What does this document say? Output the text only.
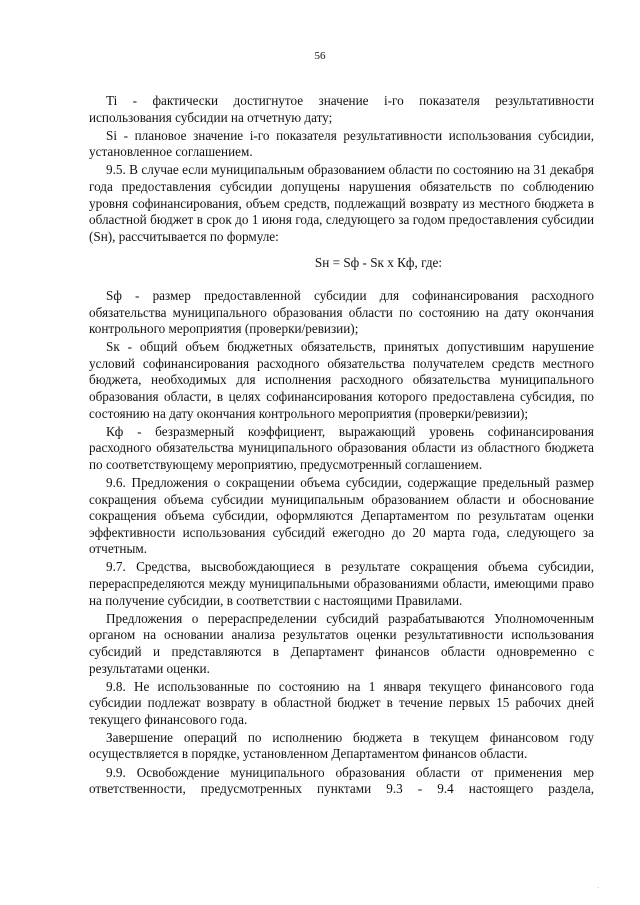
56

Ti - фактически достигнутое значение i-го показателя результативности использования субсидии на отчетную дату;

Si - плановое значение i-го показателя результативности использования субсидии, установленное соглашением.

9.5. В случае если муниципальным образованием области по состоянию на 31 декабря года предоставления субсидии допущены нарушения обязательств по соблюдению уровня софинансирования, объем средств, подлежащий возврату из местного бюджета в областной бюджет в срок до 1 июня года, следующего за годом предоставления субсидии (Sн), рассчитывается по формуле:

Sн = Sф - Sк х Кф, где:

Sф - размер предоставленной субсидии для софинансирования расходного обязательства муниципального образования области по состоянию на дату окончания контрольного мероприятия (проверки/ревизии);

Sк - общий объем бюджетных обязательств, принятых допустившим нарушение условий софинансирования расходного обязательства получателем средств местного бюджета, необходимых для исполнения расходного обязательства муниципального образования области, в целях софинансирования которого предоставлена субсидия, по состоянию на дату окончания контрольного мероприятия (проверки/ревизии);

Кф - безразмерный коэффициент, выражающий уровень софинансирования расходного обязательства муниципального образования области из областного бюджета по соответствующему мероприятию, предусмотренный соглашением.

9.6. Предложения о сокращении объема субсидии, содержащие предельный размер сокращения объема субсидии муниципальным образованием области и обоснование сокращения объема субсидии, оформляются Департаментом по результатам оценки эффективности использования субсидий ежегодно до 20 марта года, следующего за отчетным.

9.7. Средства, высвобождающиеся в результате сокращения объема субсидии, перераспределяются между муниципальными образованиями области, имеющими право на получение субсидии, в соответствии с настоящими Правилами.

Предложения о перераспределении субсидий разрабатываются Уполномоченным органом на основании анализа результатов оценки результативности использования субсидий и представляются в Департамент финансов области одновременно с результатами оценки.

9.8. Не использованные по состоянию на 1 января текущего финансового года субсидии подлежат возврату в областной бюджет в течение первых 15 рабочих дней текущего финансового года.

Завершение операций по исполнению бюджета в текущем финансовом году осуществляется в порядке, установленном Департаментом финансов области.

9.9. Освобождение муниципального образования области от применения мер ответственности, предусмотренных пунктами 9.3 - 9.4 настоящего раздела,

·
